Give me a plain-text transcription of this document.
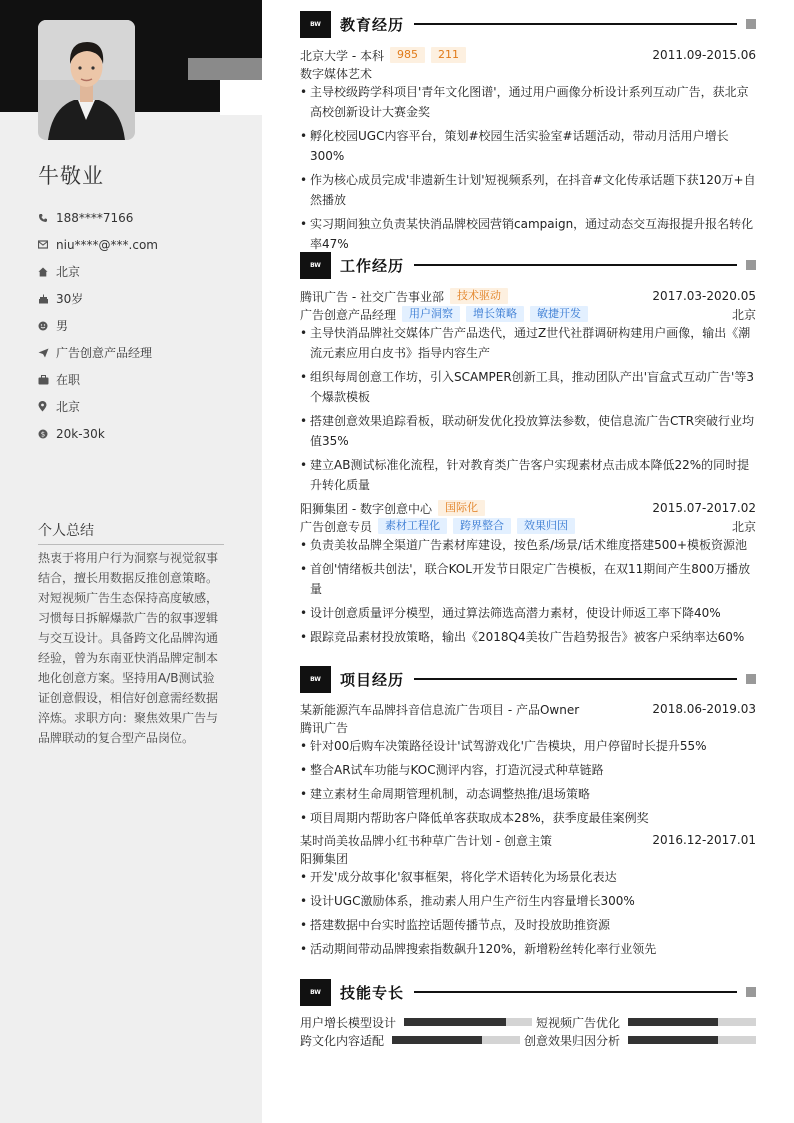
牛敬业
188****7166
niu****@***.com
北京
30岁
男
广告创意产品经理
在职
北京
$ 20k-30k
个人总结
热衷于将用户行为洞察与视觉叙事结合，擅长用数据反推创意策略。对短视频广告生态保持高度敏感，习惯每日拆解爆款广告的叙事逻辑与交互设计。具备跨文化品牌沟通经验，曾为东南亚快消品牌定制本地化创意方案。坚持用A/B测试验证创意假设，相信好创意需经数据淬炼。求职方向：聚焦效果广告与品牌联动的复合型产品岗位。
BW	教育经历
北京大学 - 本科	985	211	2011.09-2015.06
数字媒体艺术
• 主导校级跨学科项目'青年文化图谱'，通过用户画像分析设计系列互动广告，获北京高校创新设计大赛金奖
• 孵化校园UGC内容平台，策划#校园生活实验室#话题活动，带动月活用户增长300%
• 作为核心成员完成'非遗新生计划'短视频系列，在抖音#文化传承话题下获120万+自然播放
• 实习期间独立负责某快消品牌校园营销campaign，通过动态交互海报提升报名转化率47%
BW	工作经历
腾讯广告 - 社交广告事业部	技术驱动	2017.03-2020.05
广告创意产品经理	用户洞察	增长策略	敏捷开发	北京
• 主导快消品牌社交媒体广告产品迭代，通过Z世代社群调研构建用户画像，输出《潮流元素应用白皮书》指导内容生产
• 组织每周创意工作坊，引入SCAMPER创新工具，推动团队产出'盲盒式互动广告'等3个爆款模板
• 搭建创意效果追踪看板，联动研发优化投放算法参数，使信息流广告CTR突破行业均值35%
• 建立AB测试标准化流程，针对教育类广告客户实现素材点击成本降低22%的同时提升转化质量
阳狮集团 - 数字创意中心	国际化	2015.07-2017.02
广告创意专员	素材工程化	跨界整合	效果归因	北京
• 负责美妆品牌全渠道广告素材库建设，按色系/场景/话术维度搭建500+模板资源池
• 首创'情绪板共创法'，联合KOL开发节日限定广告模板，在双11期间产生800万播放量
• 设计创意质量评分模型，通过算法筛选高潜力素材，使设计师返工率下降40%
• 跟踪竞品素材投放策略，输出《2018Q4美妆广告趋势报告》被客户采纳率达60%
BW	项目经历
某新能源汽车品牌抖音信息流广告项目 - 产品Owner	2018.06-2019.03
腾讯广告
• 针对00后购车决策路径设计'试驾游戏化'广告模块，用户停留时长提升55%
• 整合AR试车功能与KOC测评内容，打造沉浸式种草链路
• 建立素材生命周期管理机制，动态调整热推/退场策略
• 项目周期内帮助客户降低单客获取成本28%，获季度最佳案例奖
某时尚美妆品牌小红书种草广告计划 - 创意主策	2016.12-2017.01
阳狮集团
• 开发'成分故事化'叙事框架，将化学术语转化为场景化表达
• 设计UGC激励体系，推动素人用户生产衍生内容量增长300%
• 搭建数据中台实时监控话题传播节点，及时投放助推资源
• 活动期间带动品牌搜索指数飙升120%，新增粉丝转化率行业领先
BW	技能专长
用户增长模型设计	短视频广告优化
跨文化内容适配	创意效果归因分析
